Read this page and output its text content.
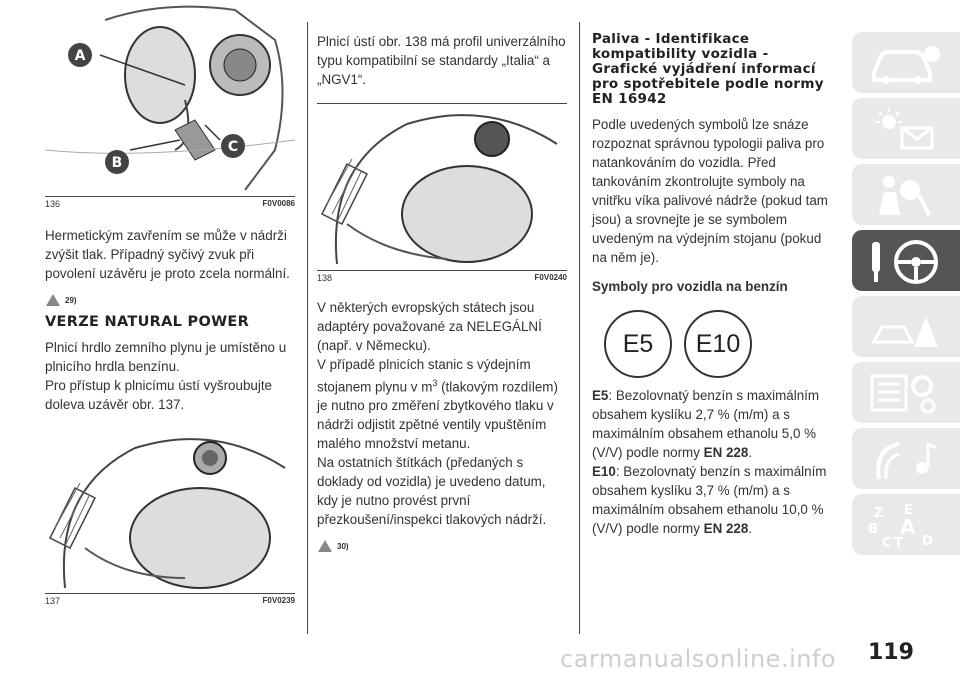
A
B
C
136	F0V0086

Hermetickým zavřením se může v nádrži zvýšit tlak. Případný syčivý zvuk při povolení uzávěru je proto zcela normální.

29)
VERZE NATURAL POWER

Plnicí hrdlo zemního plynu je umístěno u plnicího hrdla benzínu.

Pro přístup k plnicímu ústí vyšroubujte doleva uzávěr obr. 137.

137	F0V0239

Plnicí ústí obr. 138 má profil univerzálního typu kompatibilní se standardy „Italia“ a „NGV1“.

138	F0V0240

V některých evropských státech jsou adaptéry považované za NELEGÁLNÍ (např. v Německu).

V případě plnicích stanic s výdejním stojanem plynu v $m^3$ (tlakovým rozdílem) je nutno pro změření zbytkového tlaku v nádrži odjistit zpětné ventily vpuštěním malého množství metanu.

Na ostatních štítkách (předaných s doklady od vozidla) je uvedeno datum, kdy je nutno provést první přezkoušení/inspekci tlakových nádrží.

30)
Paliva - Identifikace kompatibility vozidla - Grafické vyjádření informací pro spotřebitele podle normy EN 16942

Podle uvedených symbolů lze snáze rozpoznat správnou typologii paliva pro natankováním do vozidla. Před tankováním zkontrolujte symboly na vnitřku víka palivové nádrže (pokud tam jsou) a srovnejte je se symbolem uvedeným na výdejním stojanu (pokud na něm je).

Symboly pro vozidla na benzín

E5	E10

E5: Bezolovnatý benzín s maximálním obsahem kyslíku 2,7 % (m/m) a s maximálním obsahem ethanolu 5,0 % (V/V) podle normy EN 228.

E10: Bezolovnatý benzín s maximálním obsahem kyslíku 3,7 % (m/m) a s maximálním obsahem ethanolu 10,0 % (V/V) podle normy EN 228.

Z E
B A
C T D
carmanualsonline.info 119
